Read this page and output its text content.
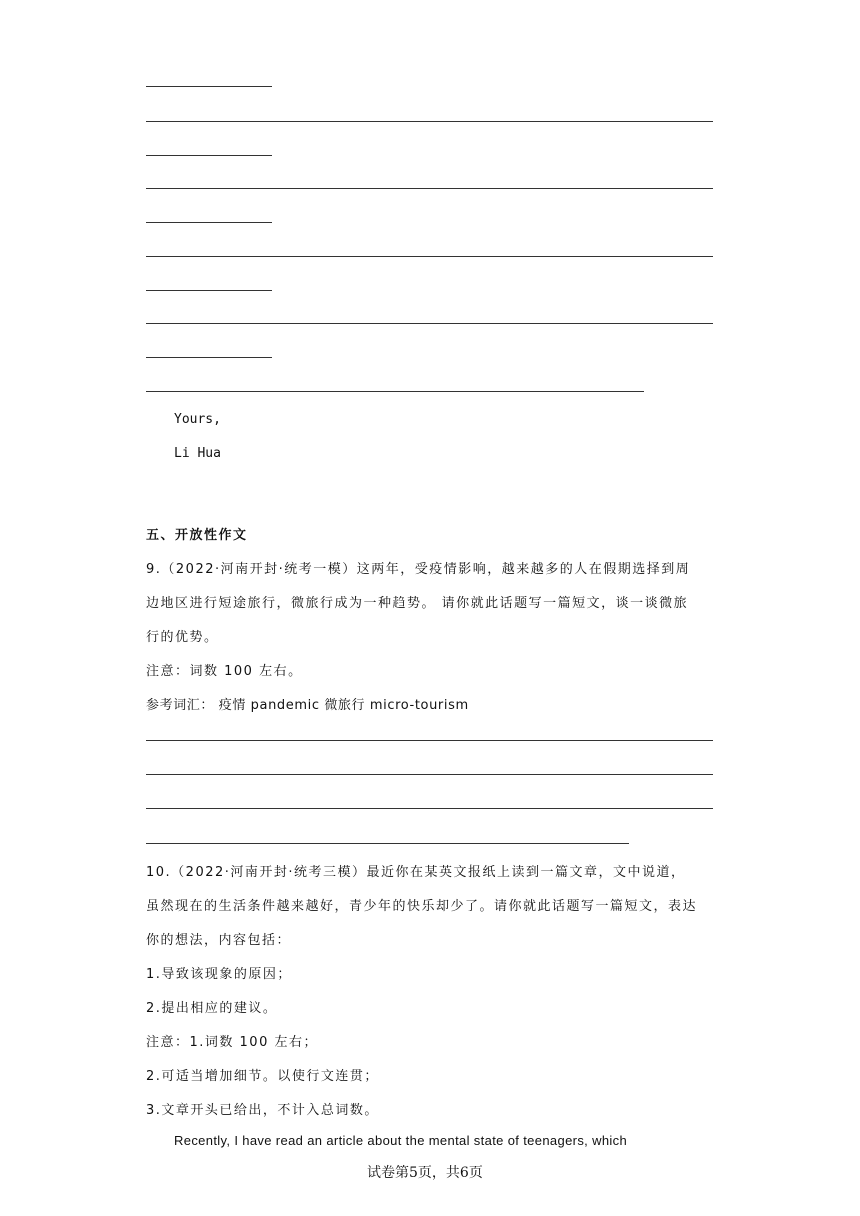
Yours,
Li Hua
五、开放性作文
9.（2022·河南开封·统考一模）这两年，受疫情影响，越来越多的人在假期选择到周
边地区进行短途旅行，微旅行成为一种趋势。 请你就此话题写一篇短文，谈一谈微旅
行的优势。
注意：词数 100 左右。
参考词汇： 疫情 pandemic 微旅行 micro-tourism
10.（2022·河南开封·统考三模）最近你在某英文报纸上读到一篇文章，文中说道，
虽然现在的生活条件越来越好，青少年的快乐却少了。请你就此话题写一篇短文，表达
你的想法，内容包括：
1.导致该现象的原因；
2.提出相应的建议。
注意：1.词数 100 左右；
2.可适当增加细节。以使行文连贯；
3.文章开头已给出，不计入总词数。
Recently, I have read an article about the mental state of teenagers, which
试卷第5页，共6页
